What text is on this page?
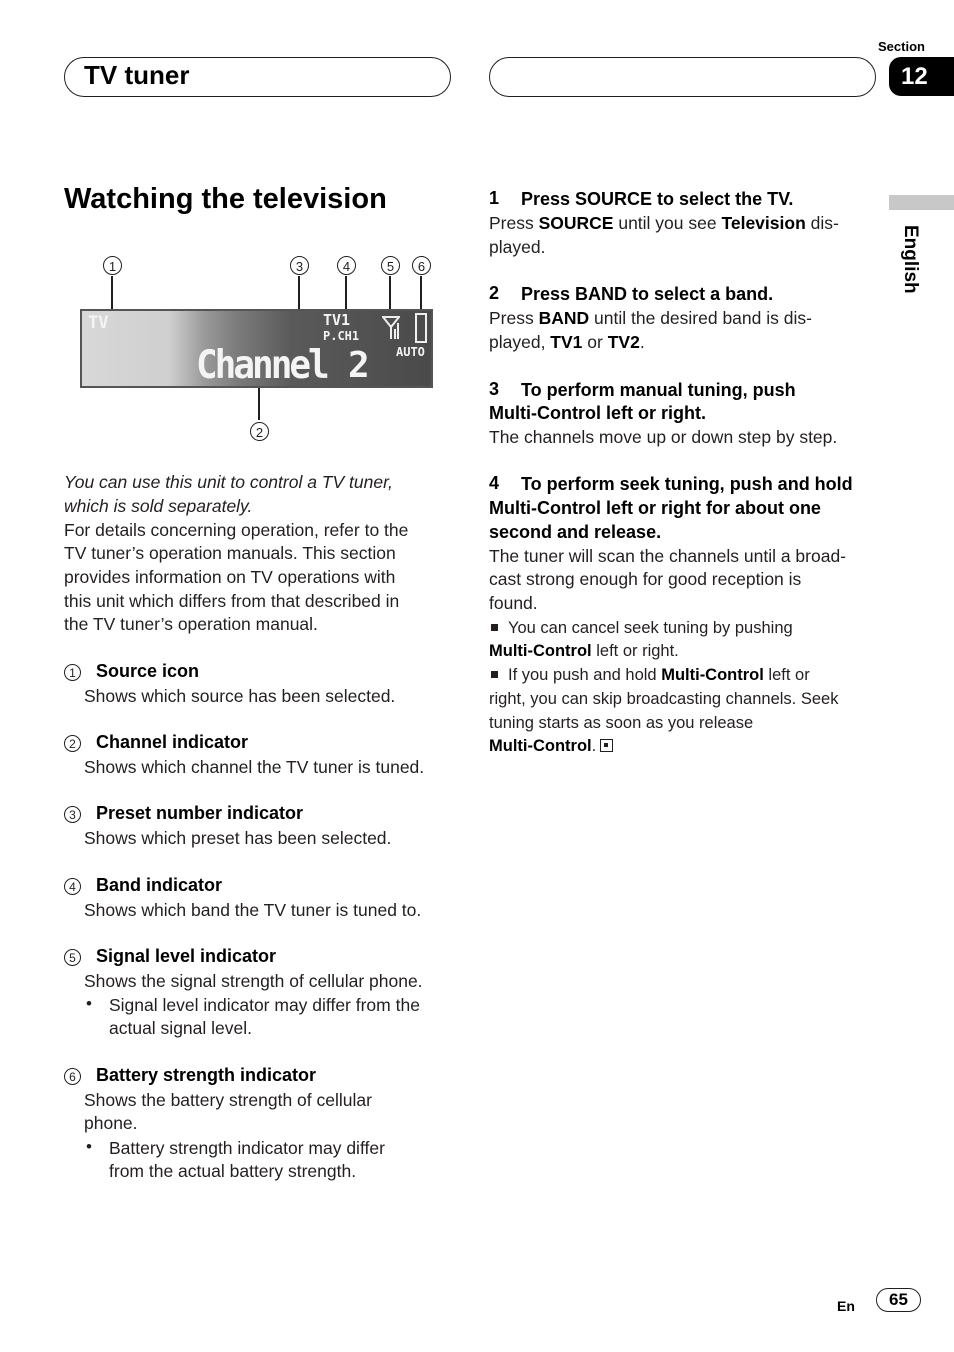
TV tuner
Section
12
English
Watching the television
1	3	4	5	6
2
TV	TV1
P.CH1
AUTO
Channel 2

You can use this unit to control a TV tuner,

which is sold separately.

For details concerning operation, refer to the

TV tuner’s operation manuals. This section

provides information on TV operations with

this unit which differs from that described in

the TV tuner’s operation manual.

1 Source icon
Shows which source has been selected.
2 Channel indicator
Shows which channel the TV tuner is tuned.
3 Preset number indicator
Shows which preset has been selected.
4 Band indicator
Shows which band the TV tuner is tuned to.
5 Signal level indicator
Shows the signal strength of cellular phone.
• Signal level indicator may differ from the

actual signal level.

6 Battery strength indicator
Shows the battery strength of cellular
phone.
• Battery strength indicator may differ

from the actual battery strength.

1 Press SOURCE to select the TV.

Press SOURCE until you see Television dis-

played.

2 Press BAND to select a band.

Press BAND until the desired band is dis-

played, TV1 or TV2.

3 To perform manual tuning, push

Multi-Control left or right.

The channels move up or down step by step.

4 To perform seek tuning, push and hold

Multi-Control left or right for about one

second and release.

The tuner will scan the channels until a broad-

cast strong enough for good reception is

found.

You can cancel seek tuning by pushing

Multi-Control left or right.

If you push and hold Multi-Control left or

right, you can skip broadcasting channels. Seek

tuning starts as soon as you release

Multi-Control.

En	65
